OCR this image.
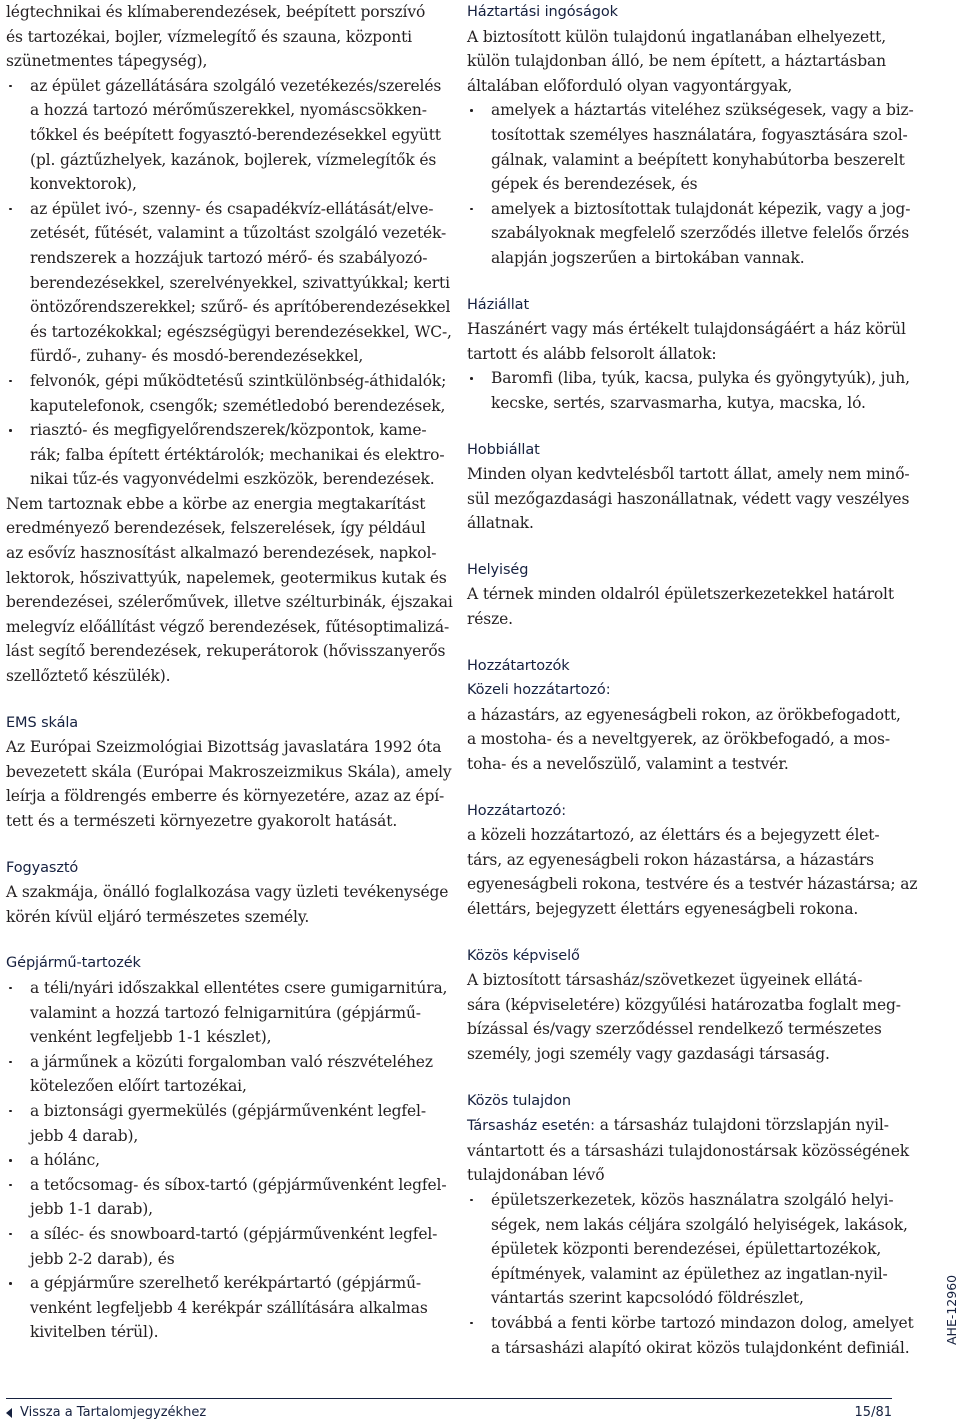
légtechnikai és klímaberendezések, beépített porszívó
és tartozékai, bojler, vízmelegítő és szauna, központi
szünetmentes tápegység),
az épület gázellátására szolgáló vezetékezés/szerelés
a hozzá tartozó mérőműszerekkel, nyomáscsökken-
tőkkel és beépített fogyasztó-berendezésekkel együtt
(pl. gáztűzhelyek, kazánok, bojlerek, vízmelegítők és
konvektorok),
az épület ivó-, szenny- és csapadékvíz-ellátását/elve-
zetését, fűtését, valamint a tűzoltást szolgáló vezeték-
rendszerek a hozzájuk tartozó mérő- és szabályozó-
berendezésekkel, szerelvényekkel, szivattyúkkal; kerti
öntözőrendszerekkel; szűrő- és aprítóberendezésekkel
és tartozékokkal; egészségügyi berendezésekkel, WC-,
fürdő-, zuhany- és mosdó-berendezésekkel,
felvonók, gépi működtetésű szintkülönbség-áthidalók;
kaputelefonok, csengők; szemétledobó berendezések,
riasztó- és megfigyelőrendszerek/központok, kame-
rák; falba épített értéktárolók; mechanikai és elektro-
nikai tűz-és vagyonvédelmi eszközök, berendezések.
Nem tartoznak ebbe a körbe az energia megtakarítást
eredményező berendezések, felszerelések, így például
az esővíz hasznosítást alkalmazó berendezések, napkol-
lektorok, hőszivattyúk, napelemek, geotermikus kutak és
berendezései, szélerőművek, illetve szélturbinák, éjszakai
melegvíz előállítást végző berendezések, fűtésoptimalizá-
lást segítő berendezések, rekuperátorok (hővisszanyerős
szellőztető készülék).
EMS skála
Az Európai Szeizmológiai Bizottság javaslatára 1992 óta
bevezetett skála (Európai Makroszeizmikus Skála), amely
leírja a földrengés emberre és környezetére, azaz az épí-
tett és a természeti környezetre gyakorolt hatását.
Fogyasztó
A szakmája, önálló foglalkozása vagy üzleti tevékenysége
körén kívül eljáró természetes személy.
Gépjármű-tartozék
a téli/nyári időszakkal ellentétes csere gumigarnitúra,
valamint a hozzá tartozó felnigarnitúra (gépjármű-
venként legfeljebb 1-1 készlet),
a járműnek a közúti forgalomban való részvételéhez
kötelezően előírt tartozékai,
a biztonsági gyermekülés (gépjárművenként legfel-
jebb 4 darab),
a hólánc,
a tetőcsomag- és síbox-tartó (gépjárművenként legfel-
jebb 1-1 darab),
a síléc- és snowboard-tartó (gépjárművenként legfel-
jebb 2-2 darab), és
a gépjárműre szerelhető kerékpártartó (gépjármű-
venként legfeljebb 4 kerékpár szállítására alkalmas
kivitelben térül).
Háztartási ingóságok
A biztosított külön tulajdonú ingatlanában elhelyezett,
külön tulajdonban álló, be nem épített, a háztartásban
általában előforduló olyan vagyontárgyak,
amelyek a háztartás viteléhez szükségesek, vagy a biz-
tosítottak személyes használatára, fogyasztására szol-
gálnak, valamint a beépített konyhabútorba beszerelt
gépek és berendezések, és
amelyek a biztosítottak tulajdonát képezik, vagy a jog-
szabályoknak megfelelő szerződés illetve felelős őrzés
alapján jogszerűen a birtokában vannak.
Háziállat
Haszánért vagy más értékelt tulajdonságáért a ház körül
tartott és alább felsorolt állatok:
Baromfi (liba, tyúk, kacsa, pulyka és gyöngytyúk), juh,
kecske, sertés, szarvasmarha, kutya, macska, ló.
Hobbiállat
Minden olyan kedvtelésből tartott állat, amely nem minő-
sül mezőgazdasági haszonállatnak, védett vagy veszélyes
állatnak.
Helyiség
A térnek minden oldalról épületszerkezetekkel határolt
része.
Hozzátartozók
Közeli hozzátartozó:
a házastárs, az egyeneságbeli rokon, az örökbefogadott,
a mostoha- és a neveltgyerek, az örökbefogadó, a mos-
toha- és a nevelőszülő, valamint a testvér.
Hozzátartozó:
a közeli hozzátartozó, az élettárs és a bejegyzett élet-
társ, az egyeneságbeli rokon házastársa, a házastárs
egyeneságbeli rokona, testvére és a testvér házastársa; az
élettárs, bejegyzett élettárs egyeneságbeli rokona.
Közös képviselő
A biztosított társasház/szövetkezet ügyeinek ellátá-
sára (képviseletére) közgyűlési határozatba foglalt meg-
bízással és/vagy szerződéssel rendelkező természetes
személy, jogi személy vagy gazdasági társaság.
Közös tulajdon
Társasház esetén: a társasház tulajdoni törzslapján nyil-
vántartott és a társasházi tulajdonostársak közösségének
tulajdonában lévő
épületszerkezetek, közös használatra szolgáló helyi-
ségek, nem lakás céljára szolgáló helyiségek, lakások,
épületek központi berendezései, épülettartozékok,
építmények, valamint az épülethez az ingatlan-nyil-
vántartás szerint kapcsolódó földrészlet,
továbbá a fenti körbe tartozó mindazon dolog, amelyet
a társasházi alapító okirat közös tulajdonként definiál.
AHE-12960
Vissza a Tartalomjegyzékhez	15/81
